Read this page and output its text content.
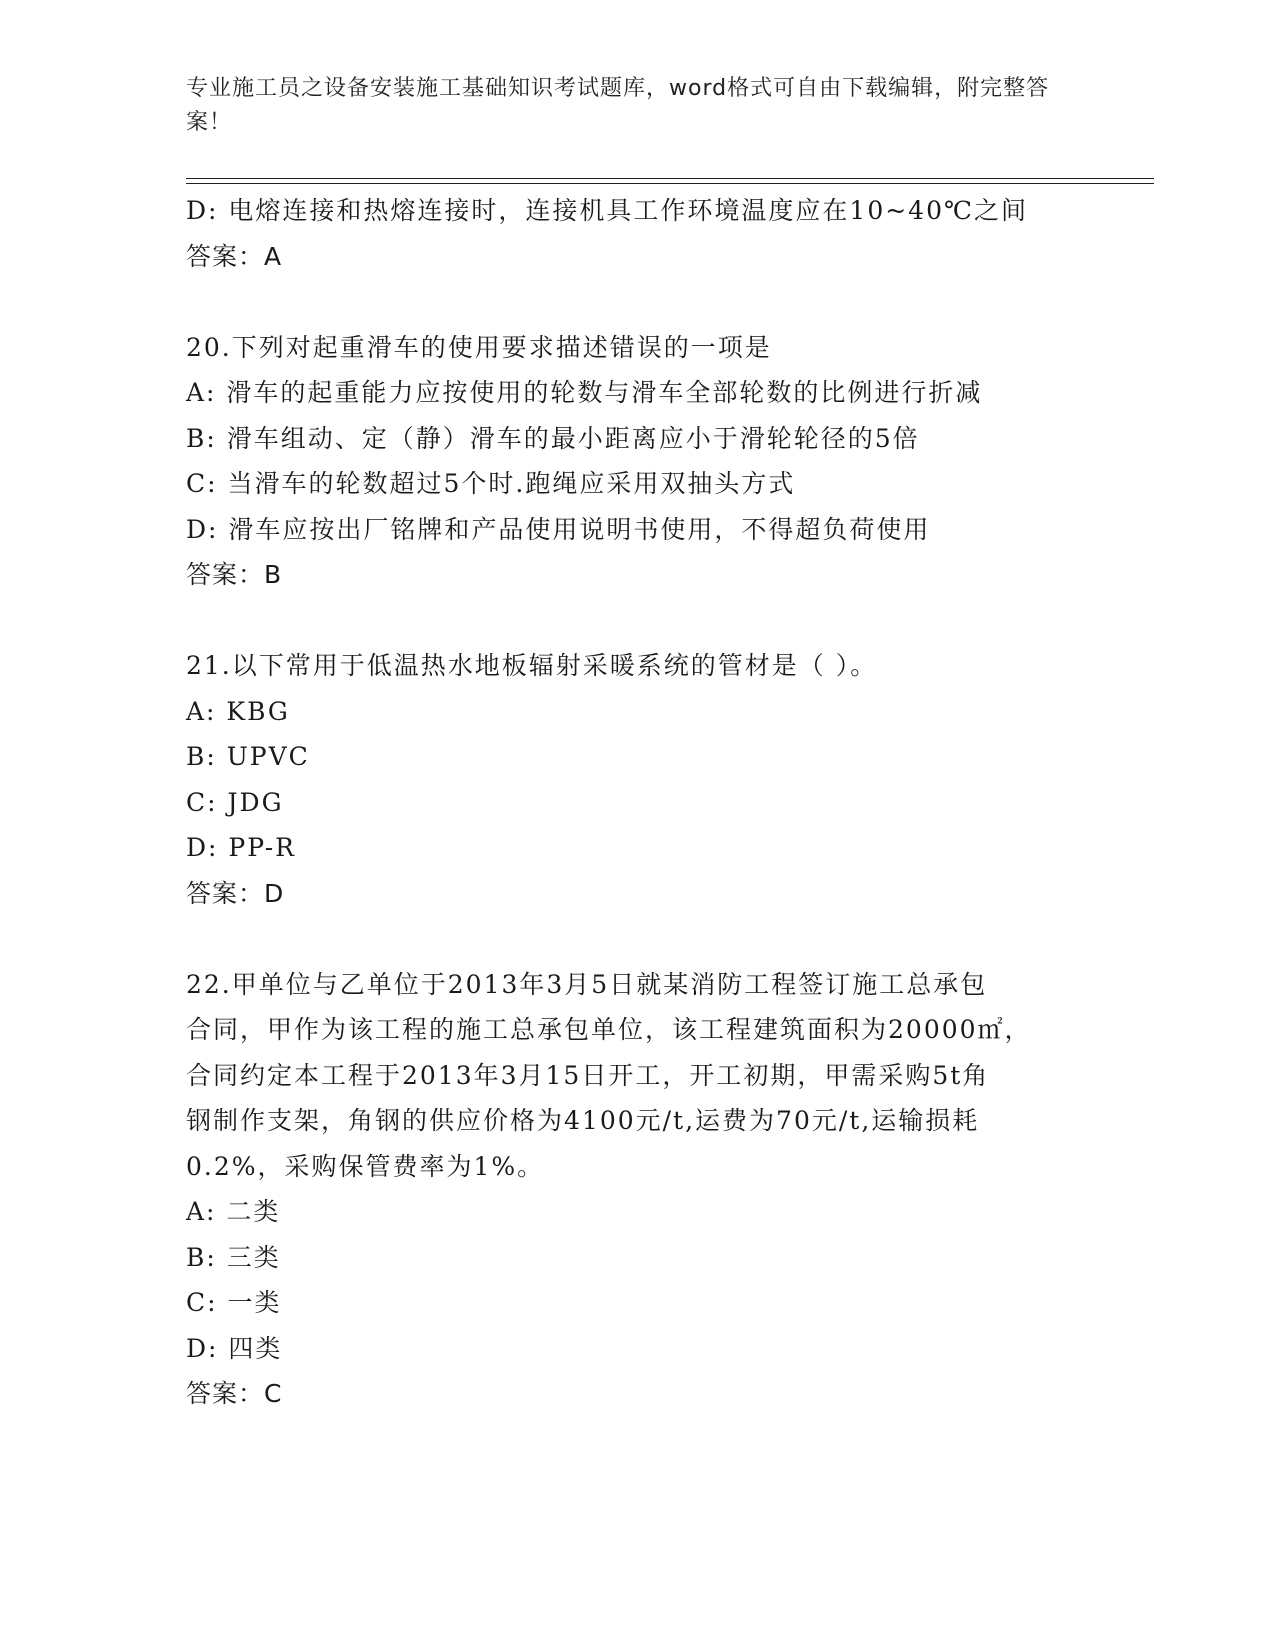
专业施工员之设备安装施工基础知识考试题库，word格式可自由下载编辑，附完整答案！
D: 电熔连接和热熔连接时，连接机具工作环境温度应在10~40℃之间
答案：A
20.下列对起重滑车的使用要求描述错误的一项是
A: 滑车的起重能力应按使用的轮数与滑车全部轮数的比例进行折减
B: 滑车组动、定（静）滑车的最小距离应小于滑轮轮径的5倍
C: 当滑车的轮数超过5个时.跑绳应采用双抽头方式
D: 滑车应按出厂铭牌和产品使用说明书使用，不得超负荷使用
答案：B
21.以下常用于低温热水地板辐射采暖系统的管材是（ ）。
A: KBG
B: UPVC
C: JDG
D: PP-R
答案：D
22.甲单位与乙单位于2013年3月5日就某消防工程签订施工总承包
合同，甲作为该工程的施工总承包单位，该工程建筑面积为20000㎡，
合同约定本工程于2013年3月15日开工，开工初期，甲需采购5t角
钢制作支架，角钢的供应价格为4100元/t,运费为70元/t,运输损耗
0.2%，采购保管费率为1%。
A: 二类
B: 三类
C: 一类
D: 四类
答案：C
